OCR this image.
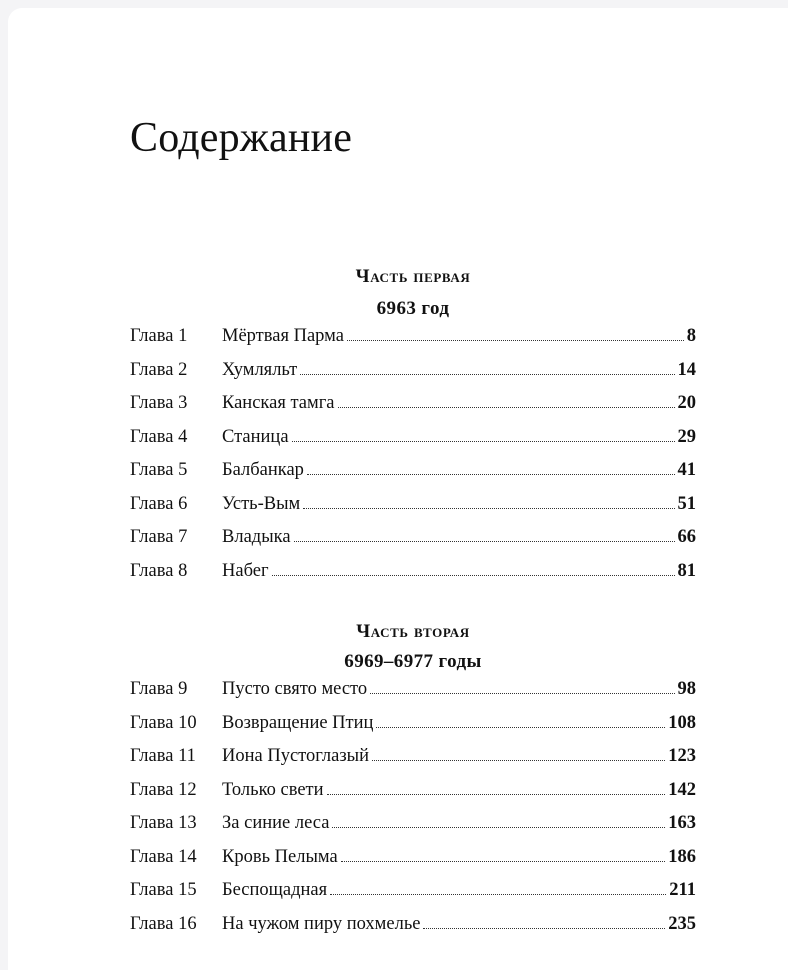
Содержание
Часть первая
6963 год
Глава 1	Мёртвая Парма	8
Глава 2	Хумляльт	14
Глава 3	Канская тамга	20
Глава 4	Станица	29
Глава 5	Балбанкар	41
Глава 6	Усть-Вым	51
Глава 7	Владыка	66
Глава 8	Набег	81
Часть вторая
6969–6977 годы
Глава 9	Пусто свято место	98
Глава 10	Возвращение Птиц	108
Глава 11	Иона Пустоглазый	123
Глава 12	Только свети	142
Глава 13	За синие леса	163
Глава 14	Кровь Пелыма	186
Глава 15	Беспощадная	211
Глава 16	На чужом пиру похмелье	235
